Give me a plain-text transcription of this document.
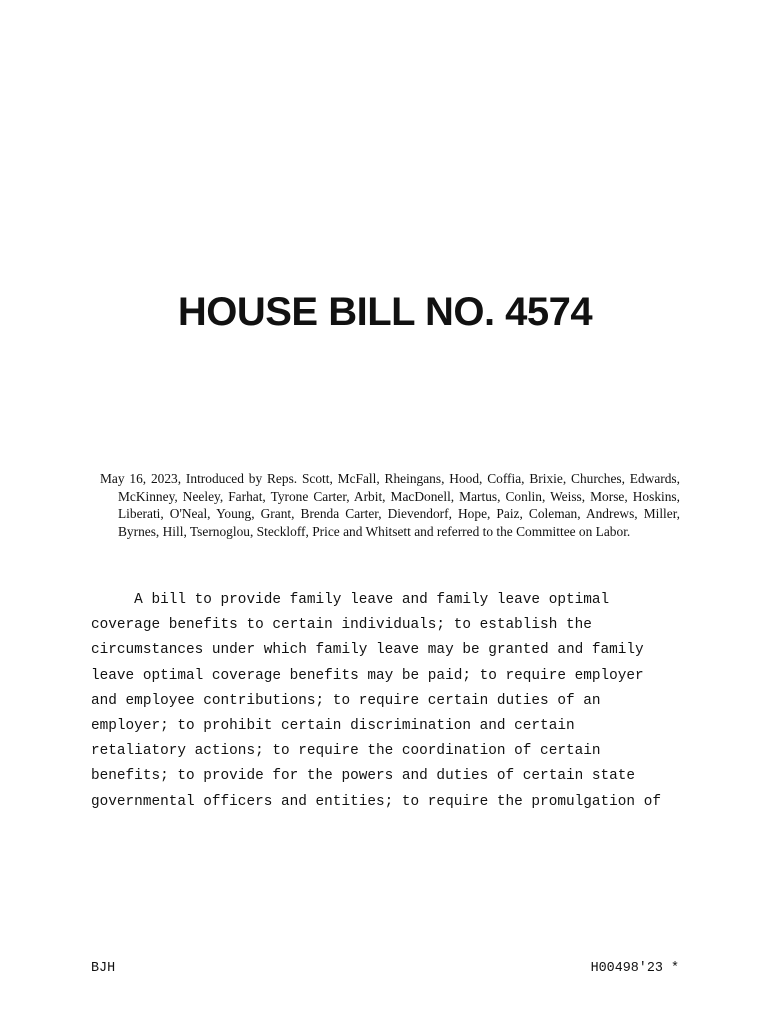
HOUSE BILL NO. 4574

May 16, 2023, Introduced by Reps. Scott, McFall, Rheingans, Hood, Coffia, Brixie, Churches, Edwards, McKinney, Neeley, Farhat, Tyrone Carter, Arbit, MacDonell, Martus, Conlin, Weiss, Morse, Hoskins, Liberati, O'Neal, Young, Grant, Brenda Carter, Dievendorf, Hope, Paiz, Coleman, Andrews, Miller, Byrnes, Hill, Tsernoglou, Steckloff, Price and Whitsett and referred to the Committee on Labor.

A bill to provide family leave and family leave optimal
coverage benefits to certain individuals; to establish the
circumstances under which family leave may be granted and family
leave optimal coverage benefits may be paid; to require employer
and employee contributions; to require certain duties of an
employer; to prohibit certain discrimination and certain
retaliatory actions; to require the coordination of certain
benefits; to provide for the powers and duties of certain state
governmental officers and entities; to require the promulgation of
BJH	H00498'23 *
